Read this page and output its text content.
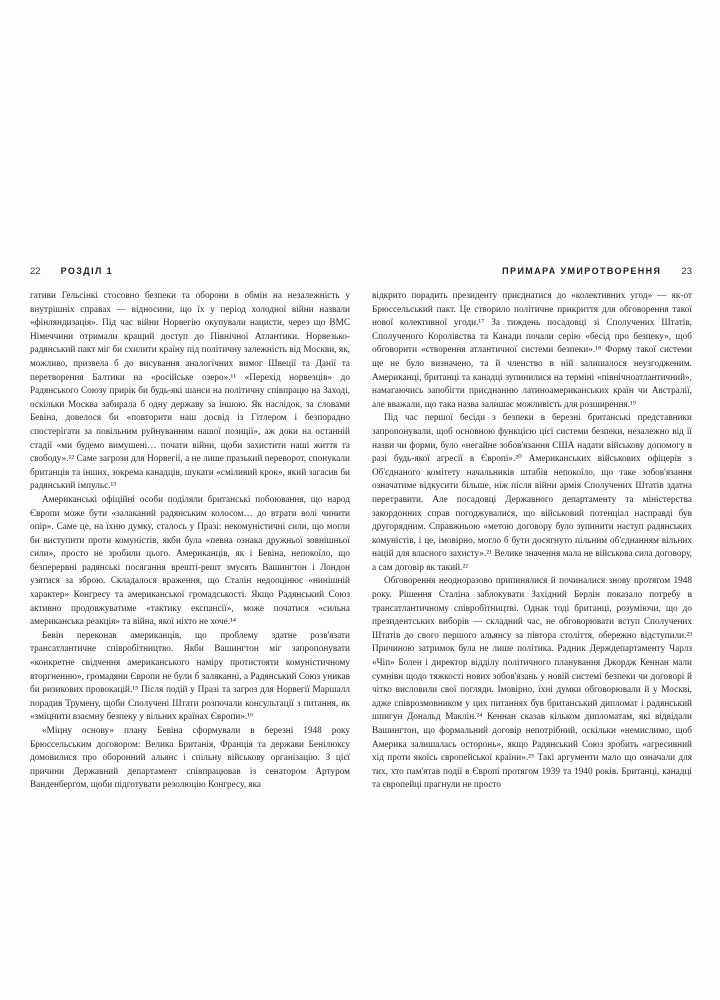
22 РОЗДІЛ 1

гативи Гельсінкі стосовно безпеки та оборони в обмін на незалежність у внутрішніх справах — відносини, що їх у період холодної війни назвали «фінляндизація». Під час війни Норвегію окупували нацисти, через що ВМС Німеччини отримали кращий доступ до Північної Атлантики. Норвезько-радянський пакт міг би схилити країну під політичну залежність від Москви, як, можливо, призвела б до висування аналогічних вимог Швеції та Данії та перетворення Балтики на «російське озеро».¹¹ «Перехід норвезців» до Радянського Союзу прирік би будь-які шанси на політичну співпрацю на Заході, оскільки Москва забирала б одну державу за іншою. Як наслідок, за словами Бевіна, довелося би «повторити наш досвід із Гітлером і безпорадно спостерігати за повільним руйнуванням нашої позиції», аж доки на останній стадії «ми будемо вимушені… почати війни, щоби захистити наші життя та свободу».¹² Саме загрози для Норвегії, а не лише празький переворот, спонукали британців та інших, зокрема канадців, шукати «сміливий крок», який загасив би радянський імпульс.¹³

Американські офіційні особи поділяли британські побоювання, що народ Європи може бути «залаканий радянським колосом… до втрати волі чинити опір». Саме це, на їхню думку, сталось у Празі: некомуністичні сили, що могли би виступити проти комуністів, якби була «певна ознака дружньої зовнішньої сили», просто не зробили цього. Американців, як і Бевіна, непокоїло, що безперервні радянські посягання врешті-решт змусять Вашингтон і Лондон узятися за зброю. Складалося враження, що Сталін недооцінює «нинішній характер» Конгресу та американської громадськості. Якщо Радянський Союз активно продовжуватиме «тактику експансії», може початися «сильна американська реакція» та війна, якої ніхто не хоче.¹⁴

Бевін переконав американців, що проблему здатне розв'язати трансатлантичне співробітництво. Якби Вашингтон міг запропонувати «конкретне свідчення американського наміру протистояти комуністичному вторгненню», громадяни Європи не були б заляканні, а Радянський Союз уникав би ризикових провокацій.¹⁵ Після подій у Празі та загроз для Норвегії Маршалл порадив Трумену, щоби Сполучені Штати розпочали консультації з питання, як «зміцнити взаємну безпеку у вільних країнах Європи».¹⁶

«Міцну основу» плану Бевіна сформували в березні 1948 року Брюссельським договором: Велика Британія, Франція та держави Бенілюксу домовилися про оборонний альянс і спільну військову організацію. З цієї причини Державний департамент співпрацював із сенатором Артуром Ванденбергом, щоби підготувати резолюцію Конгресу, яка

ПРИМАРА УМИРОТВОРЕННЯ 23

відкрито порадить президенту приєднатися до «колективних угод» — як-от Брюссельський пакт. Це створило політичне прикриття для обговорення такої нової колективної угоди.¹⁷ За тиждень посадовці зі Сполучених Штатів, Сполученого Королівства та Канади почали серію «бесід про безпеку», щоб обговорити «створення атлантичної системи безпеки».¹⁸ Форму такої системи ще не було визначено, та й членство в ній залишалося неузгодженим. Американці, британці та канадці зупинилися на терміні «північноатлантичний», намагаючись запобігти приєднанню латиноамериканських країн чи Австралії, але вважали, що така назва залишає можливість для розширення.¹⁹

Під час першої бесіди з безпеки в березні британські представники запропонували, щоб основною функцією цієї системи безпеки, незалежно від її назви чи форми, було «негайне зобов'язання США надати військову допомогу в разі будь-якої агресії в Європі».²⁰ Американських військових офіцерів з Об'єднаного комітету начальників штабів непокоїло, що таке зобов'язання означатиме відкусити більше, ніж після війни армія Сполучених Штатів здатна перетравити. Але посадовці Державного департаменту та міністерства закордонних справ погоджувалися, що військовий потенціал насправді був другорядним. Справжньою «метою договору було зупинити наступ радянських комуністів, і це, імовірно, могло б бути досягнуто пільним об'єднанням вільних націй для власного захисту».²¹ Велике значення мала не військова сила договору, а сам договір як такий.²²

Обговорення неодноразово припинялися й починалися знову протягом 1948 року. Рішення Сталіна заблокувати Західний Берлін показало потребу в трансатлантичному співробітництві. Однак тоді британці, розуміючи, що до президентських виборів — складний час, не обговорювати вступ Сполучених Штатів до свого першого альянсу за півтора століття, обережно відступили.²³ Причиною затримок була не лише політика. Радник Держдепартаменту Чарлз «Чіп» Болен і директор відділу політичного планування Джордж Кеннан мали сумніви щодо тяжкості нових зобов'язань у новій системі безпеки чи договорі й чітко висловили свої погляди. Імовірно, їхні думки обговорювали й у Москві, адже співрозмовником у цих питаннях був британський дипломат і радянський шпигун Дональд Маклін.²⁴ Кеннан сказав кільком дипломатам, які відвідали Вашингтон, що формальний договір непотрібний, оскільки «немислимо, щоб Америка залишалась осторонь», якщо Радянський Союз зробить «агресивний хід проти якоїсь європейської країни».²⁵ Такі аргументи мало що означали для тих, хто пам'ятав події в Європі протягом 1939 та 1940 років. Британці, канадці та європейці прагнули не просто
